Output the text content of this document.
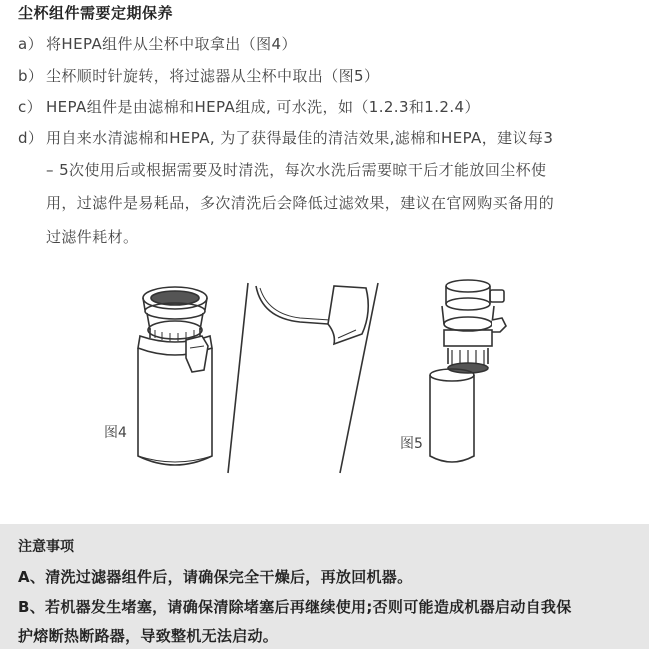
尘杯组件需要定期保养
a） 将HEPA组件从尘杯中取拿出（图4）
b） 尘杯顺时针旋转，将过滤器从尘杯中取出（图5）
c） HEPA组件是由滤棉和HEPA组成, 可水洗，如（1.2.3和1.2.4）
d） 用自来水清滤棉和HEPA, 为了获得最佳的清洁效果,滤棉和HEPA，建议每3
– 5次使用后或根据需要及时清洗，每次水洗后需要晾干后才能放回尘杯使
用，过滤件是易耗品，多次清洗后会降低过滤效果，建议在官网购买备用的
过滤件耗材。
图4
图5
注意事项
A、清洗过滤器组件后，请确保完全干燥后，再放回机器。
B、若机器发生堵塞，请确保清除堵塞后再继续使用;否则可能造成机器启动自我保
护熔断热断路器，导致整机无法启动。
